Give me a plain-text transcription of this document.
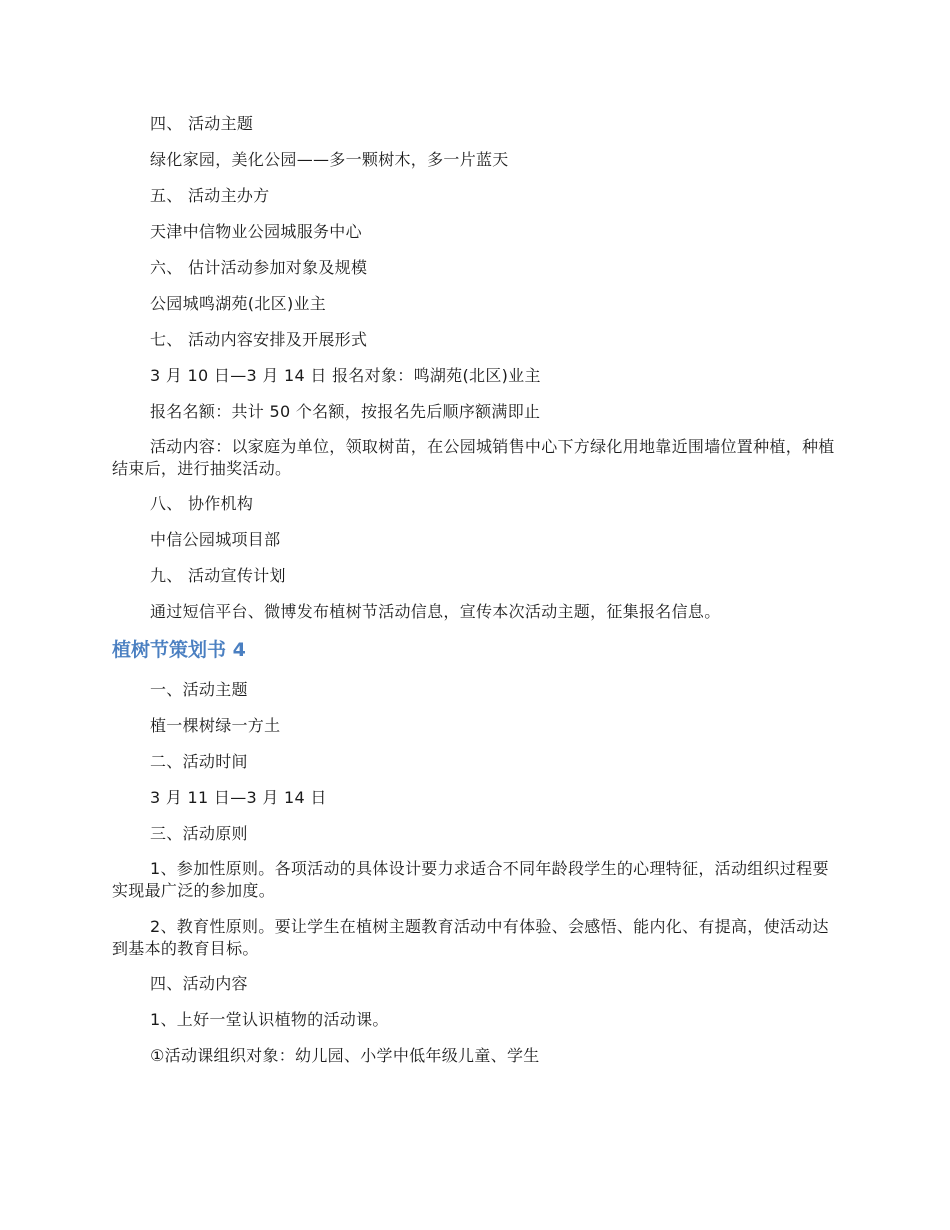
四、 活动主题
绿化家园，美化公园——多一颗树木，多一片蓝天
五、 活动主办方
天津中信物业公园城服务中心
六、 估计活动参加对象及规模
公园城鸣湖苑(北区)业主
七、 活动内容安排及开展形式
3 月 10 日—3 月 14 日 报名对象：鸣湖苑(北区)业主
报名名额：共计 50 个名额，按报名先后顺序额满即止
活动内容：以家庭为单位，领取树苗，在公园城销售中心下方绿化用地靠近围墙位置种植，种植结束后，进行抽奖活动。
八、 协作机构
中信公园城项目部
九、 活动宣传计划
通过短信平台、微博发布植树节活动信息，宣传本次活动主题，征集报名信息。
植树节策划书 4
一、活动主题
植一棵树绿一方土
二、活动时间
3 月 11 日—3 月 14 日
三、活动原则
1、参加性原则。各项活动的具体设计要力求适合不同年龄段学生的心理特征，活动组织过程要实现最广泛的参加度。
2、教育性原则。要让学生在植树主题教育活动中有体验、会感悟、能内化、有提高，使活动达到基本的教育目标。
四、活动内容
1、上好一堂认识植物的活动课。
①活动课组织对象：幼儿园、小学中低年级儿童、学生
